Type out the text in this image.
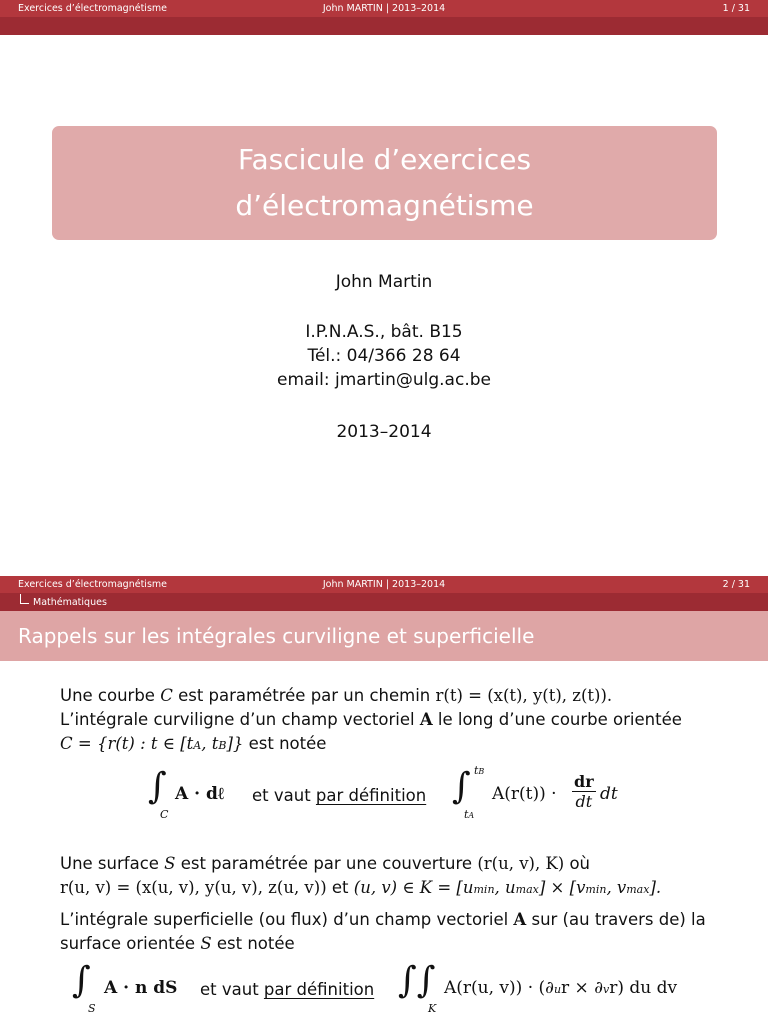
Exercices d’électromagnétisme	John MARTIN | 2013–2014	1 / 31
Fascicule d’exercices
d’électromagnétisme
John Martin
I.P.N.A.S., bât. B15
Tél.: 04/366 28 64
email: jmartin@ulg.ac.be
2013–2014
Exercices d’électromagnétisme	John MARTIN | 2013–2014	2 / 31
Mathématiques
Rappels sur les intégrales curviligne et superficielle
Une courbe C est paramétrée par un chemin r(t) = (x(t), y(t), z(t)).
L’intégrale curviligne d’un champ vectoriel A le long d’une courbe orientée
C = {r(t) : t ∈ [tA, tB]} est notée
∫
C
A · dℓ et vaut par définition ∫ tB
tA
$A(r(t)) \cdot \frac{dr}{dt}$ dt
Une surface S est paramétrée par une couverture (r(u, v), K) où
r(u, v) = (x(u, v), y(u, v), z(u, v)) et (u, v) ∈ K = [umin, umax] × [vmin, vmax].
L’intégrale superficielle (ou flux) d’un champ vectoriel A sur (au travers de) la
surface orientée S est notée
∫
S
A · n dS et vaut par définition ∫∫
K
A(r(u, v)) · (∂ur × ∂vr) du dv
